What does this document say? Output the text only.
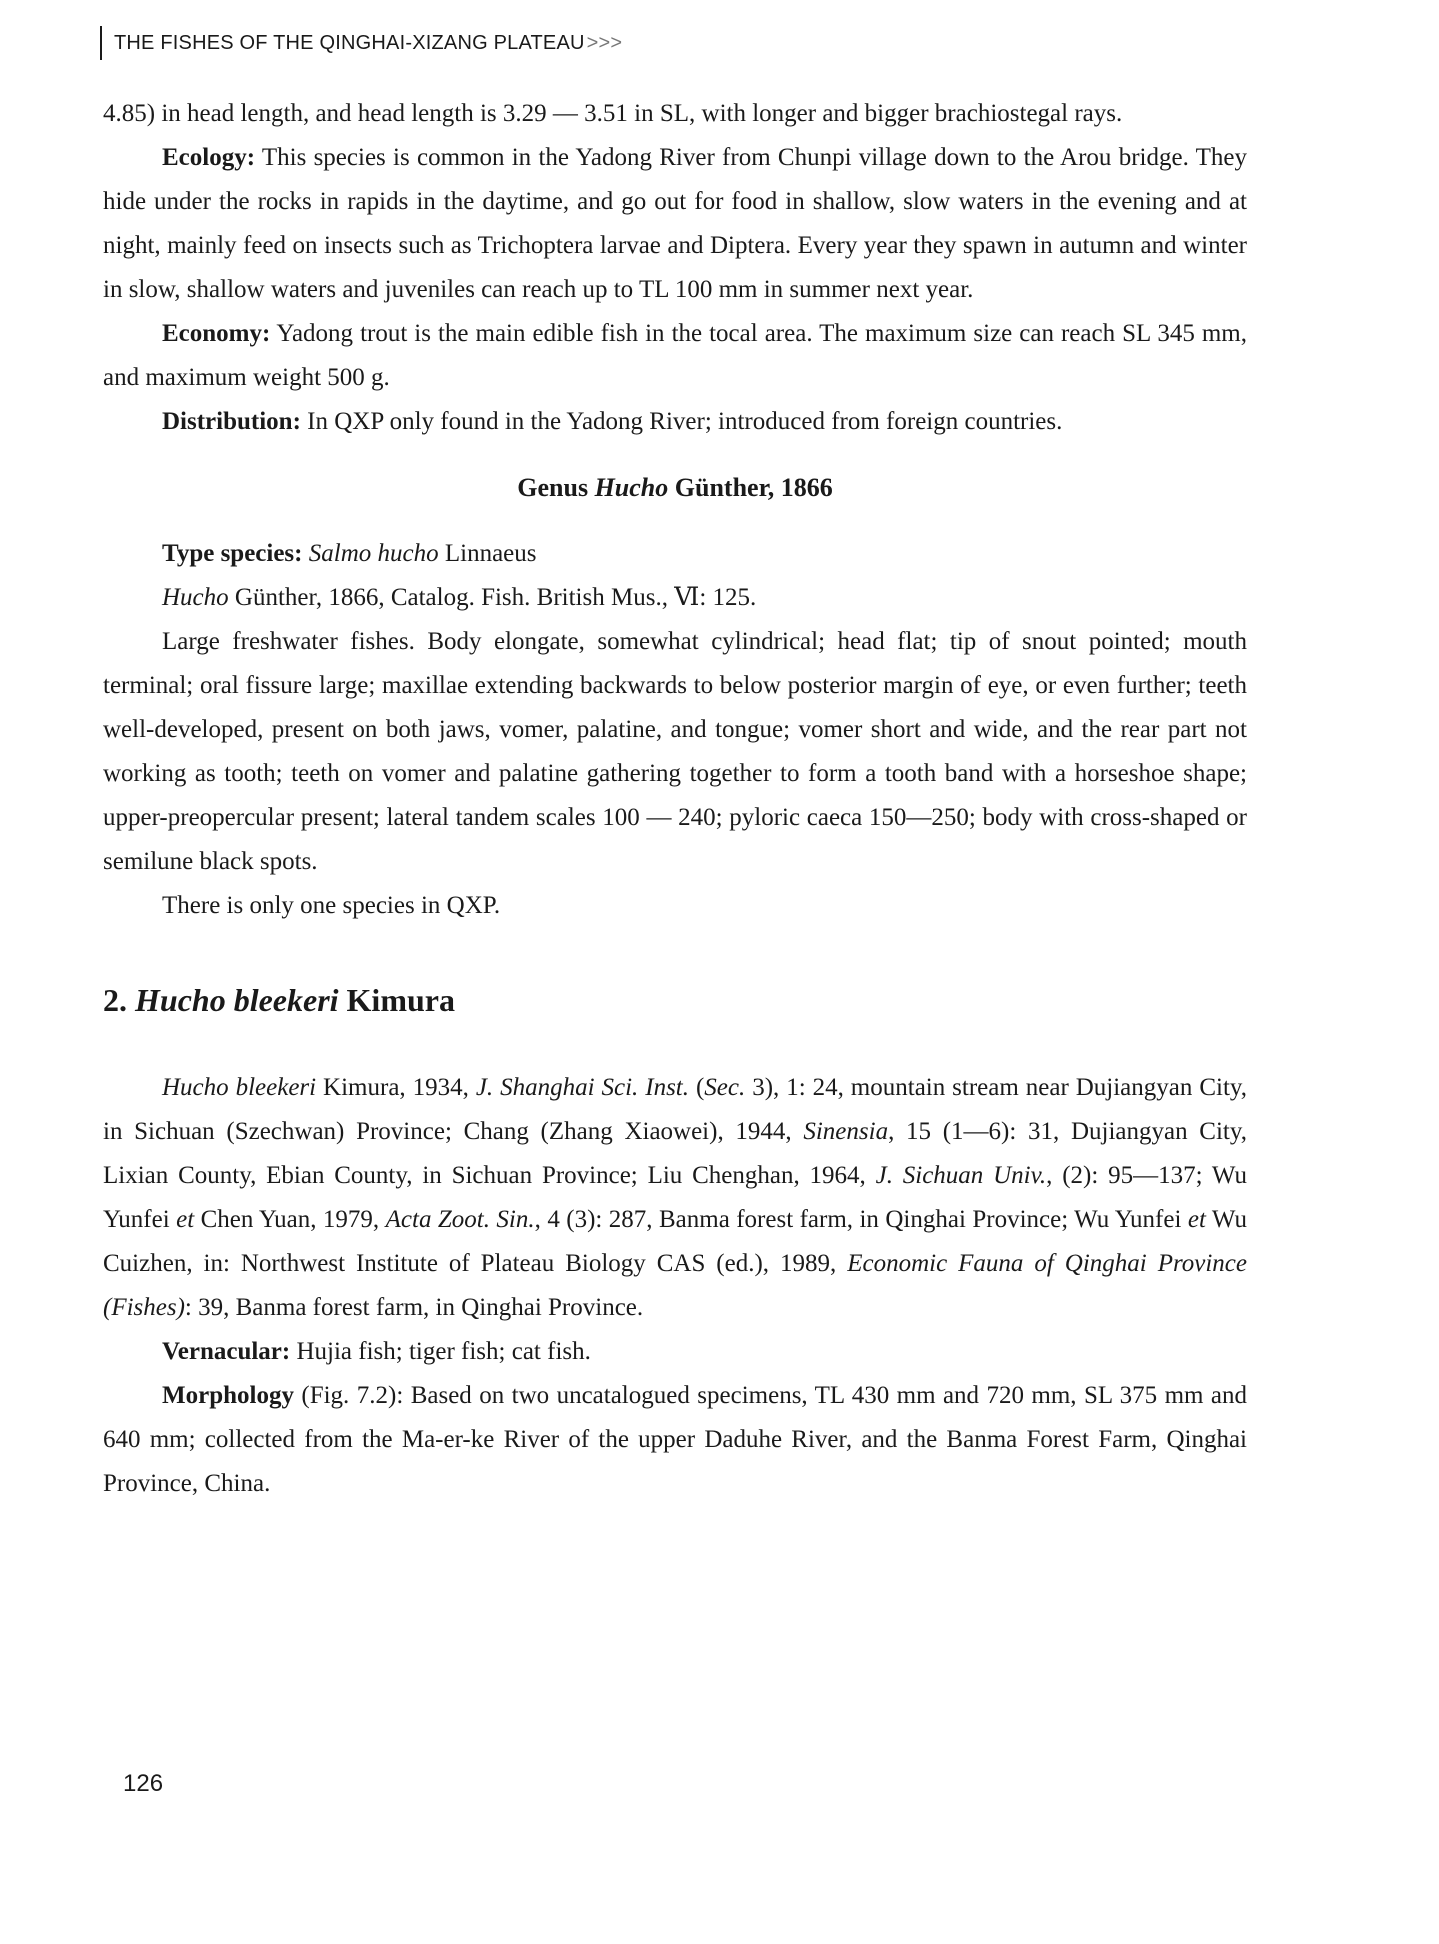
THE FISHES OF THE QINGHAI-XIZANG PLATEAU >>>

4.85) in head length, and head length is 3.29 — 3.51 in SL, with longer and bigger brachiostegal rays.

Ecology: This species is common in the Yadong River from Chunpi village down to the Arou bridge. They hide under the rocks in rapids in the daytime, and go out for food in shallow, slow waters in the evening and at night, mainly feed on insects such as Trichoptera larvae and Diptera. Every year they spawn in autumn and winter in slow, shallow waters and juveniles can reach up to TL 100 mm in summer next year.

Economy: Yadong trout is the main edible fish in the tocal area. The maximum size can reach SL 345 mm, and maximum weight 500 g.

Distribution: In QXP only found in the Yadong River; introduced from foreign countries.

Genus Hucho Günther, 1866

Type species: Salmo hucho Linnaeus

Hucho Günther, 1866, Catalog. Fish. British Mus., Ⅵ: 125.

Large freshwater fishes. Body elongate, somewhat cylindrical; head flat; tip of snout pointed; mouth terminal; oral fissure large; maxillae extending backwards to below posterior margin of eye, or even further; teeth well-developed, present on both jaws, vomer, palatine, and tongue; vomer short and wide, and the rear part not working as tooth; teeth on vomer and palatine gathering together to form a tooth band with a horseshoe shape; upper-preopercular present; lateral tandem scales 100 — 240; pyloric caeca 150—250; body with cross-shaped or semilune black spots.

There is only one species in QXP.

2. Hucho bleekeri Kimura

Hucho bleekeri Kimura, 1934, J. Shanghai Sci. Inst. (Sec. 3), 1: 24, mountain stream near Dujiangyan City, in Sichuan (Szechwan) Province; Chang (Zhang Xiaowei), 1944, Sinensia, 15 (1—6): 31, Dujiangyan City, Lixian County, Ebian County, in Sichuan Province; Liu Chenghan, 1964, J. Sichuan Univ., (2): 95—137; Wu Yunfei et Chen Yuan, 1979, Acta Zoot. Sin., 4 (3): 287, Banma forest farm, in Qinghai Province; Wu Yunfei et Wu Cuizhen, in: Northwest Institute of Plateau Biology CAS (ed.), 1989, Economic Fauna of Qinghai Province (Fishes): 39, Banma forest farm, in Qinghai Province.

Vernacular: Hujia fish; tiger fish; cat fish.

Morphology (Fig. 7.2): Based on two uncatalogued specimens, TL 430 mm and 720 mm, SL 375 mm and 640 mm; collected from the Ma-er-ke River of the upper Daduhe River, and the Banma Forest Farm, Qinghai Province, China.

126
